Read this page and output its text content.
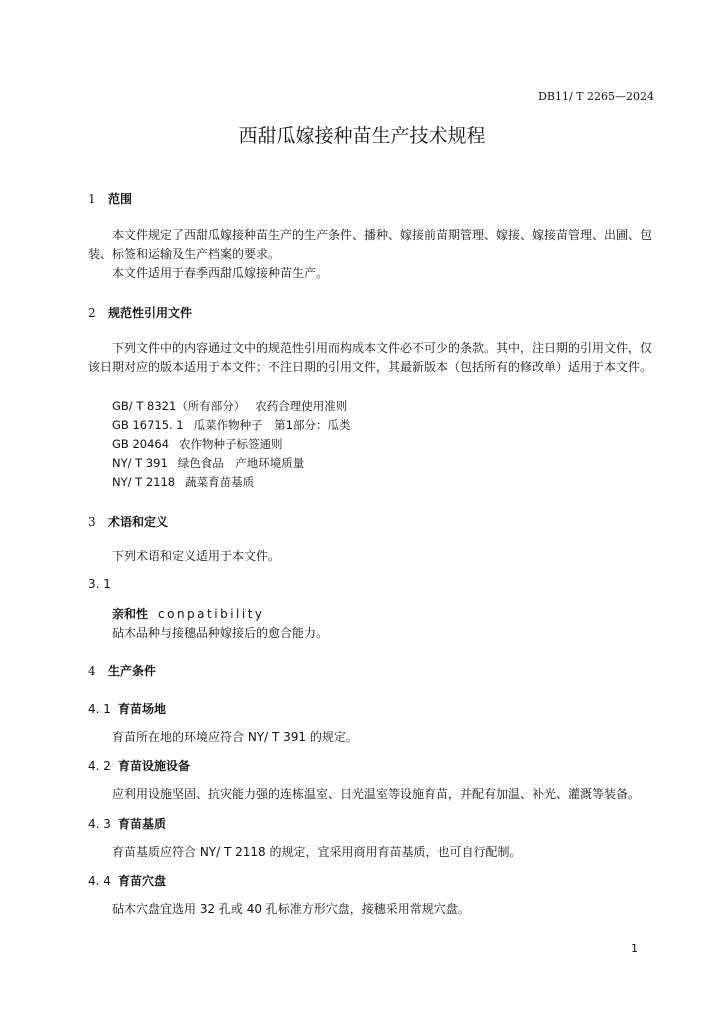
DB11/ T 2265—2024
西甜瓜嫁接种苗生产技术规程
1 范围
本文件规定了西甜瓜嫁接种苗生产的生产条件、播种、嫁接前苗期管理、嫁接、嫁接苗管理、出圃、包装、标签和运输及生产档案的要求。
本文件适用于春季西甜瓜嫁接种苗生产。
2 规范性引用文件
下列文件中的内容通过文中的规范性引用而构成本文件必不可少的条款。其中，注日期的引用文件，仅该日期对应的版本适用于本文件；不注日期的引用文件，其最新版本（包括所有的修改单）适用于本文件。
GB/ T 8321（所有部分） 农药合理使用准则
GB 16715. 1 瓜菜作物种子　第1部分：瓜类
GB 20464 农作物种子标签通则
NY/ T 391 绿色食品　产地环境质量
NY/ T 2118 蔬菜育苗基质
3 术语和定义
下列术语和定义适用于本文件。
3. 1
亲和性 conpatibility
砧木品种与接穗品种嫁接后的愈合能力。
4 生产条件
4. 1 育苗场地
育苗所在地的环境应符合 NY/ T 391 的规定。
4. 2 育苗设施设备
应利用设施坚固、抗灾能力强的连栋温室、日光温室等设施育苗，并配有加温、补光、灌溉等装备。
4. 3 育苗基质
育苗基质应符合 NY/ T 2118 的规定，宜采用商用育苗基质，也可自行配制。
4. 4 育苗穴盘
砧木穴盘宜选用 32 孔或 40 孔标准方形穴盘，接穗采用常规穴盘。
1
